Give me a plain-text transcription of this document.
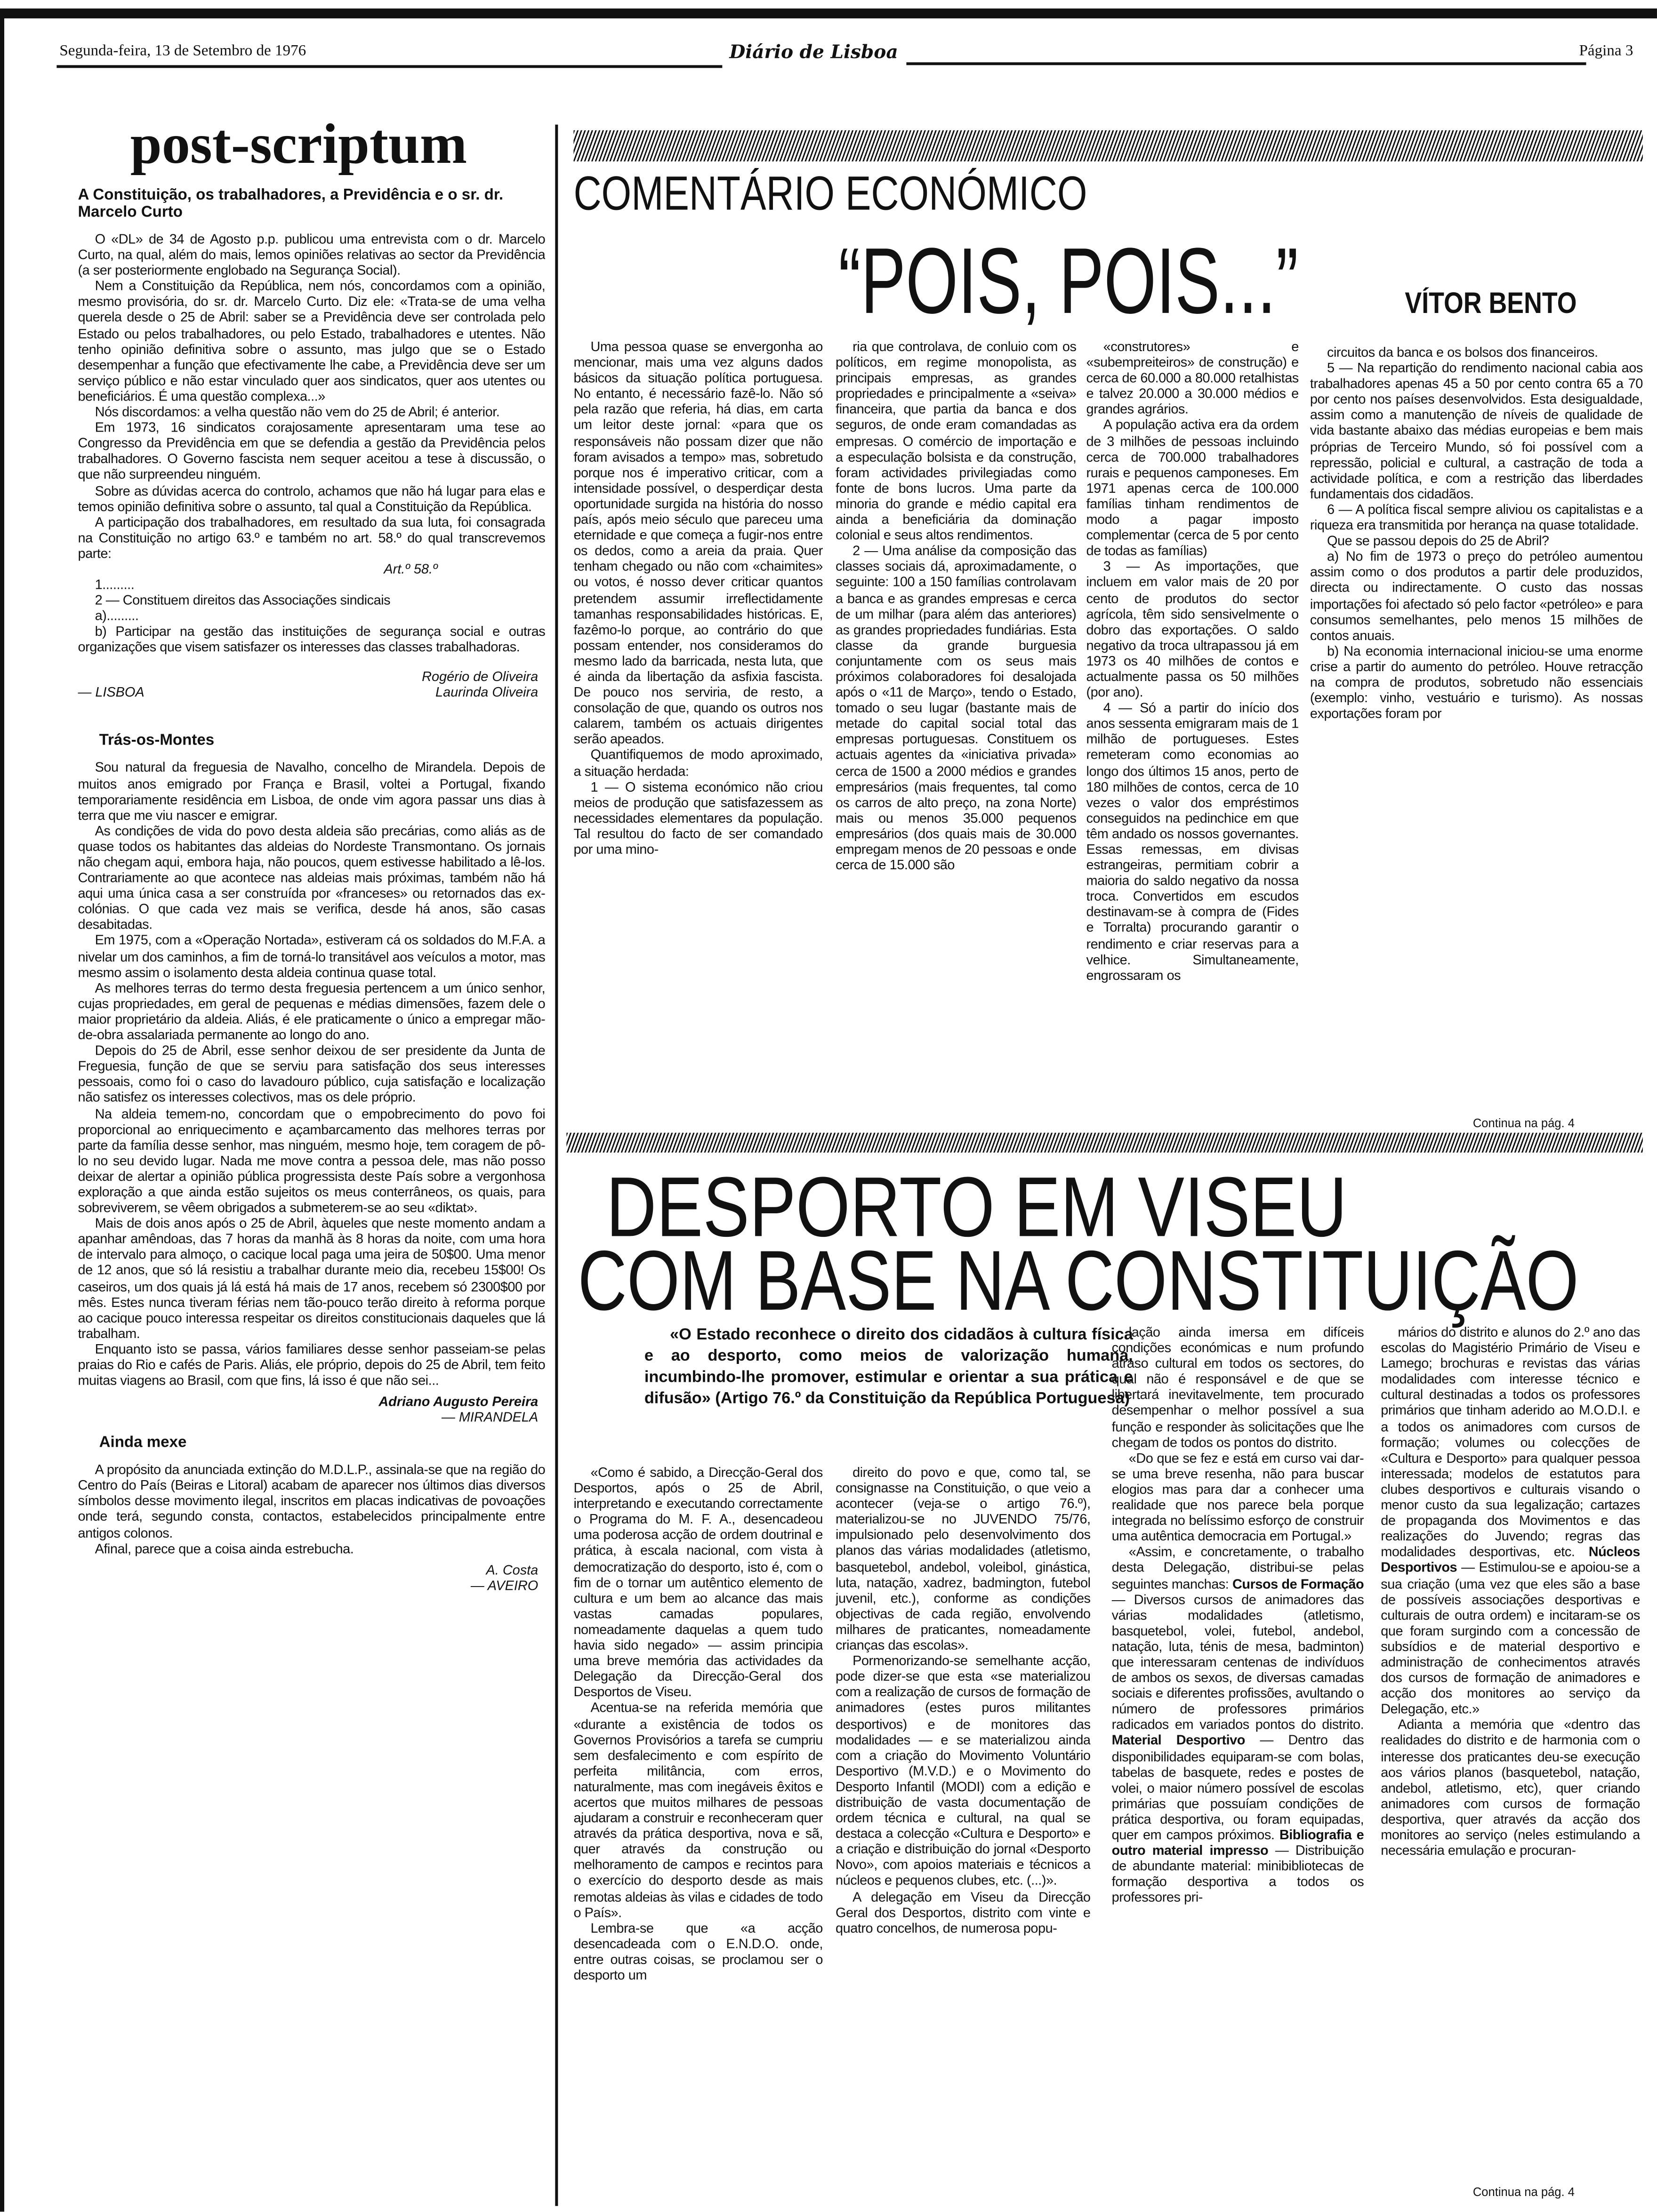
Segunda-feira, 13 de Setembro de 1976	Diário de Lisboa	Página 3
post-scriptum
A Constituição, os trabalhadores, a Previdência e o sr. dr. Marcelo Curto

O «DL» de 34 de Agosto p.p. publicou uma entrevista com o dr. Marcelo Curto, na qual, além do mais, lemos opiniões relativas ao sector da Previdência (a ser posteriormente englobado na Segurança Social).

Nem a Constituição da República, nem nós, concordamos com a opinião, mesmo provisória, do sr. dr. Marcelo Curto. Diz ele: «Trata-se de uma velha querela desde o 25 de Abril: saber se a Previdência deve ser controlada pelo Estado ou pelos trabalhadores, ou pelo Estado, trabalhadores e utentes. Não tenho opinião definitiva sobre o assunto, mas julgo que se o Estado desempenhar a função que efectivamente lhe cabe, a Previdência deve ser um serviço público e não estar vinculado quer aos sindicatos, quer aos utentes ou beneficiários. É uma questão complexa...»

Nós discordamos: a velha questão não vem do 25 de Abril; é anterior.

Em 1973, 16 sindicatos corajosamente apresentaram uma tese ao Congresso da Previdência em que se defendia a gestão da Previdência pelos trabalhadores. O Governo fascista nem sequer aceitou a tese à discussão, o que não surpreendeu ninguém.

Sobre as dúvidas acerca do controlo, achamos que não há lugar para elas e temos opinião definitiva sobre o assunto, tal qual a Constituição da República.

A participação dos trabalhadores, em resultado da sua luta, foi consagrada na Constituição no artigo 63.º e também no art. 58.º do qual transcrevemos parte:

Art.º 58.º

1.........

2 — Constituem direitos das Associações sindicais

a).........

b) Participar na gestão das instituições de segurança social e outras organizações que visem satisfazer os interesses das classes trabalhadoras.

— LISBOA
Rogério de Oliveira
Laurinda Oliveira
Trás-os-Montes

Sou natural da freguesia de Navalho, concelho de Mirandela. Depois de muitos anos emigrado por França e Brasil, voltei a Portugal, fixando temporariamente residência em Lisboa, de onde vim agora passar uns dias à terra que me viu nascer e emigrar.

As condições de vida do povo desta aldeia são precárias, como aliás as de quase todos os habitantes das aldeias do Nordeste Transmontano. Os jornais não chegam aqui, embora haja, não poucos, quem estivesse habilitado a lê-los. Contrariamente ao que acontece nas aldeias mais próximas, também não há aqui uma única casa a ser construída por «franceses» ou retornados das ex-colónias. O que cada vez mais se verifica, desde há anos, são casas desabitadas.

Em 1975, com a «Operação Nortada», estiveram cá os soldados do M.F.A. a nivelar um dos caminhos, a fim de torná-lo transitável aos veículos a motor, mas mesmo assim o isolamento desta aldeia continua quase total.

As melhores terras do termo desta freguesia pertencem a um único senhor, cujas propriedades, em geral de pequenas e médias dimensões, fazem dele o maior proprietário da aldeia. Aliás, é ele praticamente o único a empregar mão-de-obra assalariada permanente ao longo do ano.

Depois do 25 de Abril, esse senhor deixou de ser presidente da Junta de Freguesia, função de que se serviu para satisfação dos seus interesses pessoais, como foi o caso do lavadouro público, cuja satisfação e localização não satisfez os interesses colectivos, mas os dele próprio.

Na aldeia temem-no, concordam que o empobrecimento do povo foi proporcional ao enriquecimento e açambarcamento das melhores terras por parte da família desse senhor, mas ninguém, mesmo hoje, tem coragem de pô-lo no seu devido lugar. Nada me move contra a pessoa dele, mas não posso deixar de alertar a opinião pública progressista deste País sobre a vergonhosa exploração a que ainda estão sujeitos os meus conterrâneos, os quais, para sobreviverem, se vêem obrigados a submeterem-se ao seu «diktat».

Mais de dois anos após o 25 de Abril, àqueles que neste momento andam a apanhar amêndoas, das 7 horas da manhã às 8 horas da noite, com uma hora de intervalo para almoço, o cacique local paga uma jeira de 50$00. Uma menor de 12 anos, que só lá resistiu a trabalhar durante meio dia, recebeu 15$00! Os caseiros, um dos quais já lá está há mais de 17 anos, recebem só 2300$00 por mês. Estes nunca tiveram férias nem tão-pouco terão direito à reforma porque ao cacique pouco interessa respeitar os direitos constitucionais daqueles que lá trabalham.

Enquanto isto se passa, vários familiares desse senhor passeiam-se pelas praias do Rio e cafés de Paris. Aliás, ele próprio, depois do 25 de Abril, tem feito muitas viagens ao Brasil, com que fins, lá isso é que não sei...

Adriano Augusto Pereira
— MIRANDELA
Ainda mexe

A propósito da anunciada extinção do M.D.L.P., assinala-se que na região do Centro do País (Beiras e Litoral) acabam de aparecer nos últimos dias diversos símbolos desse movimento ilegal, inscritos em placas indicativas de povoações onde terá, segundo consta, contactos, estabelecidos principalmente entre antigos colonos.

Afinal, parece que a coisa ainda estrebucha.

A. Costa
— AVEIRO
COMENTÁRIO ECONÓMICO
“POIS, POIS...”	VÍTOR BENTO

Uma pessoa quase se envergonha ao mencionar, mais uma vez alguns dados básicos da situação política portuguesa. No entanto, é necessário fazê-lo. Não só pela razão que referia, há dias, em carta um leitor deste jornal: «para que os responsáveis não possam dizer que não foram avisados a tempo» mas, sobretudo porque nos é imperativo criticar, com a intensidade possível, o desperdiçar desta oportunidade surgida na história do nosso país, após meio século que pareceu uma eternidade e que começa a fugir-nos entre os dedos, como a areia da praia. Quer tenham chegado ou não com «chaimites» ou votos, é nosso dever criticar quantos pretendem assumir irreflectidamente tamanhas responsabilidades históricas. E, fazêmo-lo porque, ao contrário do que possam entender, nos consideramos do mesmo lado da barricada, nesta luta, que é ainda da libertação da asfixia fascista. De pouco nos serviria, de resto, a consolação de que, quando os outros nos calarem, também os actuais dirigentes serão apeados.

Quantifiquemos de modo aproximado, a situação herdada:

1 — O sistema económico não criou meios de produção que satisfazessem as necessidades elementares da população. Tal resultou do facto de ser comandado por uma mino-

ria que controlava, de conluio com os políticos, em regime monopolista, as principais empresas, as grandes propriedades e principalmente a «seiva» financeira, que partia da banca e dos seguros, de onde eram comandadas as empresas. O comércio de importação e a especulação bolsista e da construção, foram actividades privilegiadas como fonte de bons lucros. Uma parte da minoria do grande e médio capital era ainda a beneficiária da dominação colonial e seus altos rendimentos.

2 — Uma análise da composição das classes sociais dá, aproximadamente, o seguinte: 100 a 150 famílias controlavam a banca e as grandes empresas e cerca de um milhar (para além das anteriores) as grandes propriedades fundiárias. Esta classe da grande burguesia conjuntamente com os seus mais próximos colaboradores foi desalojada após o «11 de Março», tendo o Estado, tomado o seu lugar (bastante mais de metade do capital social total das empresas portuguesas. Constituem os actuais agentes da «iniciativa privada» cerca de 1500 a 2000 médios e grandes empresários (mais frequentes, tal como os carros de alto preço, na zona Norte) mais ou menos 35.000 pequenos empresários (dos quais mais de 30.000 empregam menos de 20 pessoas e onde cerca de 15.000 são

«construtores» e «subempreiteiros» de construção) e cerca de 60.000 a 80.000 retalhistas e talvez 20.000 a 30.000 médios e grandes agrários.

A população activa era da ordem de 3 milhões de pessoas incluindo cerca de 700.000 trabalhadores rurais e pequenos camponeses. Em 1971 apenas cerca de 100.000 famílias tinham rendimentos de modo a pagar imposto complementar (cerca de 5 por cento de todas as famílias)

3 — As importações, que incluem em valor mais de 20 por cento de produtos do sector agrícola, têm sido sensivelmente o dobro das exportações. O saldo negativo da troca ultrapassou já em 1973 os 40 milhões de contos e actualmente passa os 50 milhões (por ano).

4 — Só a partir do início dos anos sessenta emigraram mais de 1 milhão de portugueses. Estes remeteram como economias ao longo dos últimos 15 anos, perto de 180 milhões de contos, cerca de 10 vezes o valor dos empréstimos conseguidos na pedinchice em que têm andado os nossos governantes. Essas remessas, em divisas estrangeiras, permitiam cobrir a maioria do saldo negativo da nossa troca. Convertidos em escudos destinavam-se à compra de (Fides e Torralta) procurando garantir o rendimento e criar reservas para a velhice. Simultaneamente, engrossaram os

circuitos da banca e os bolsos dos financeiros.

5 — Na repartição do rendimento nacional cabia aos trabalhadores apenas 45 a 50 por cento contra 65 a 70 por cento nos países desenvolvidos. Esta desigualdade, assim como a manutenção de níveis de qualidade de vida bastante abaixo das médias europeias e bem mais próprias de Terceiro Mundo, só foi possível com a repressão, policial e cultural, a castração de toda a actividade política, e com a restrição das liberdades fundamentais dos cidadãos.

6 — A política fiscal sempre aliviou os capitalistas e a riqueza era transmitida por herança na quase totalidade.

Que se passou depois do 25 de Abril?

a) No fim de 1973 o preço do petróleo aumentou assim como o dos produtos a partir dele produzidos, directa ou indirectamente. O custo das nossas importações foi afectado só pelo factor «petróleo» e para consumos semelhantes, pelo menos 15 milhões de contos anuais.

b) Na economia internacional iniciou-se uma enorme crise a partir do aumento do petróleo. Houve retracção na compra de produtos, sobretudo não essenciais (exemplo: vinho, vestuário e turismo). As nossas exportações foram por

Continua na pág. 4
DESPORTO EM VISEU
COM BASE NA CONSTITUIÇÃO
«O Estado reconhece o direito dos cidadãos à cultura física e ao desporto, como meios de valorização humana, incumbindo-lhe promover, estimular e orientar a sua prática e difusão» (Artigo 76.º da Constituição da República Portuguesa)

«Como é sabido, a Direcção-Geral dos Desportos, após o 25 de Abril, interpretando e executando correctamente o Programa do M. F. A., desencadeou uma poderosa acção de ordem doutrinal e prática, à escala nacional, com vista à democratização do desporto, isto é, com o fim de o tornar um autêntico elemento de cultura e um bem ao alcance das mais vastas camadas populares, nomeadamente daquelas a quem tudo havia sido negado» — assim principia uma breve memória das actividades da Delegação da Direcção-Geral dos Desportos de Viseu.

Acentua-se na referida memória que «durante a existência de todos os Governos Provisórios a tarefa se cumpriu sem desfalecimento e com espírito de perfeita militância, com erros, naturalmente, mas com inegáveis êxitos e acertos que muitos milhares de pessoas ajudaram a construir e reconheceram quer através da prática desportiva, nova e sã, quer através da construção ou melhoramento de campos e recintos para o exercício do desporto desde as mais remotas aldeias às vilas e cidades de todo o País».

Lembra-se que «a acção desencadeada com o E.N.D.O. onde, entre outras coisas, se proclamou ser o desporto um

direito do povo e que, como tal, se consignasse na Constituição, o que veio a acontecer (veja-se o artigo 76.º), materializou-se no JUVENDO 75/76, impulsionado pelo desenvolvimento dos planos das várias modalidades (atletismo, basquetebol, andebol, voleibol, ginástica, luta, natação, xadrez, badmington, futebol juvenil, etc.), conforme as condições objectivas de cada região, envolvendo milhares de praticantes, nomeadamente crianças das escolas».

Pormenorizando-se semelhante acção, pode dizer-se que esta «se materializou com a realização de cursos de formação de animadores (estes puros militantes desportivos) e de monitores das modalidades — e se materializou ainda com a criação do Movimento Voluntário Desportivo (M.V.D.) e o Movimento do Desporto Infantil (MODI) com a edição e distribuição de vasta documentação de ordem técnica e cultural, na qual se destaca a colecção «Cultura e Desporto» e a criação e distribuição do jornal «Desporto Novo», com apoios materiais e técnicos a núcleos e pequenos clubes, etc. (...)».

A delegação em Viseu da Direcção Geral dos Desportos, distrito com vinte e quatro concelhos, de numerosa popu-

lação ainda imersa em difíceis condições económicas e num profundo atraso cultural em todos os sectores, do qual não é responsável e de que se libertará inevitavelmente, tem procurado desempenhar o melhor possível a sua função e responder às solicitações que lhe chegam de todos os pontos do distrito.

«Do que se fez e está em curso vai dar-se uma breve resenha, não para buscar elogios mas para dar a conhecer uma realidade que nos parece bela porque integrada no belíssimo esforço de construir uma autêntica democracia em Portugal.»

«Assim, e concretamente, o trabalho desta Delegação, distribui-se pelas seguintes manchas: Cursos de Formação — Diversos cursos de animadores das várias modalidades (atletismo, basquetebol, volei, futebol, andebol, natação, luta, ténis de mesa, badminton) que interessaram centenas de indivíduos de ambos os sexos, de diversas camadas sociais e diferentes profissões, avultando o número de professores primários radicados em variados pontos do distrito. Material Desportivo — Dentro das disponibilidades equiparam-se com bolas, tabelas de basquete, redes e postes de volei, o maior número possível de escolas primárias que possuíam condições de prática desportiva, ou foram equipadas, quer em campos próximos. Bibliografia e outro material impresso — Distribuição de abundante material: minibibliotecas de formação desportiva a todos os professores pri-

mários do distrito e alunos do 2.º ano das escolas do Magistério Primário de Viseu e Lamego; brochuras e revistas das várias modalidades com interesse técnico e cultural destinadas a todos os professores primários que tinham aderido ao M.O.D.I. e a todos os animadores com cursos de formação; volumes ou colecções de «Cultura e Desporto» para qualquer pessoa interessada; modelos de estatutos para clubes desportivos e culturais visando o menor custo da sua legalização; cartazes de propaganda dos Movimentos e das realizações do Juvendo; regras das modalidades desportivas, etc. Núcleos Desportivos — Estimulou-se e apoiou-se a sua criação (uma vez que eles são a base de possíveis associações desportivas e culturais de outra ordem) e incitaram-se os que foram surgindo com a concessão de subsídios e de material desportivo e administração de conhecimentos através dos cursos de formação de animadores e acção dos monitores ao serviço da Delegação, etc.»

Adianta a memória que «dentro das realidades do distrito e de harmonia com o interesse dos praticantes deu-se execução aos vários planos (basquetebol, natação, andebol, atletismo, etc), quer criando animadores com cursos de formação desportiva, quer através da acção dos monitores ao serviço (neles estimulando a necessária emulação e procuran-

Continua na pág. 4
